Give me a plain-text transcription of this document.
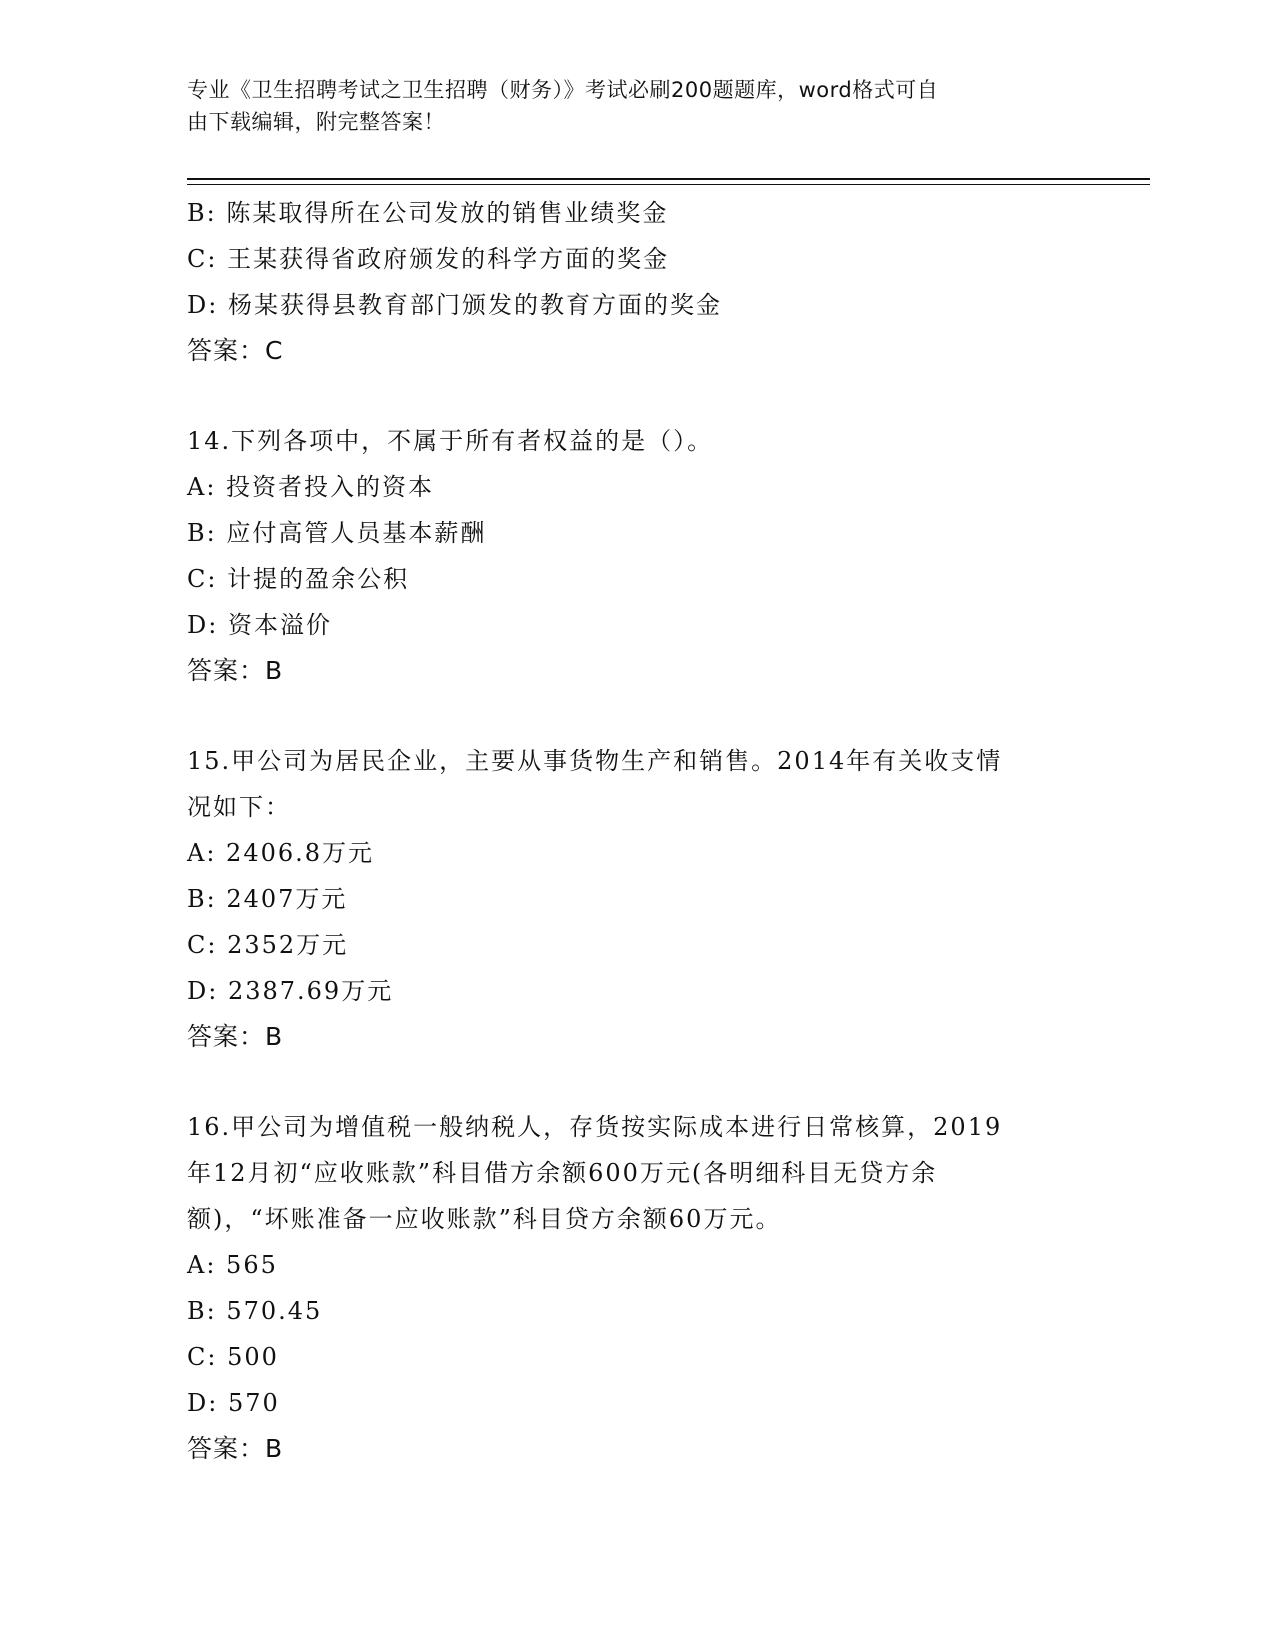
专业《卫生招聘考试之卫生招聘（财务）》考试必刷200题题库，word格式可自
由下载编辑，附完整答案！
B: 陈某取得所在公司发放的销售业绩奖金
C: 王某获得省政府颁发的科学方面的奖金
D: 杨某获得县教育部门颁发的教育方面的奖金
答案：C
14.下列各项中，不属于所有者权益的是（）。
A: 投资者投入的资本
B: 应付高管人员基本薪酬
C: 计提的盈余公积
D: 资本溢价
答案：B
15.甲公司为居民企业，主要从事货物生产和销售。2014年有关收支情
况如下：
A: 2406.8万元
B: 2407万元
C: 2352万元
D: 2387.69万元
答案：B
16.甲公司为增值税一般纳税人，存货按实际成本进行日常核算，2019
年12月初“应收账款”科目借方余额600万元(各明细科目无贷方余
额)，“坏账准备一应收账款”科目贷方余额60万元。
A: 565
B: 570.45
C: 500
D: 570
答案：B
